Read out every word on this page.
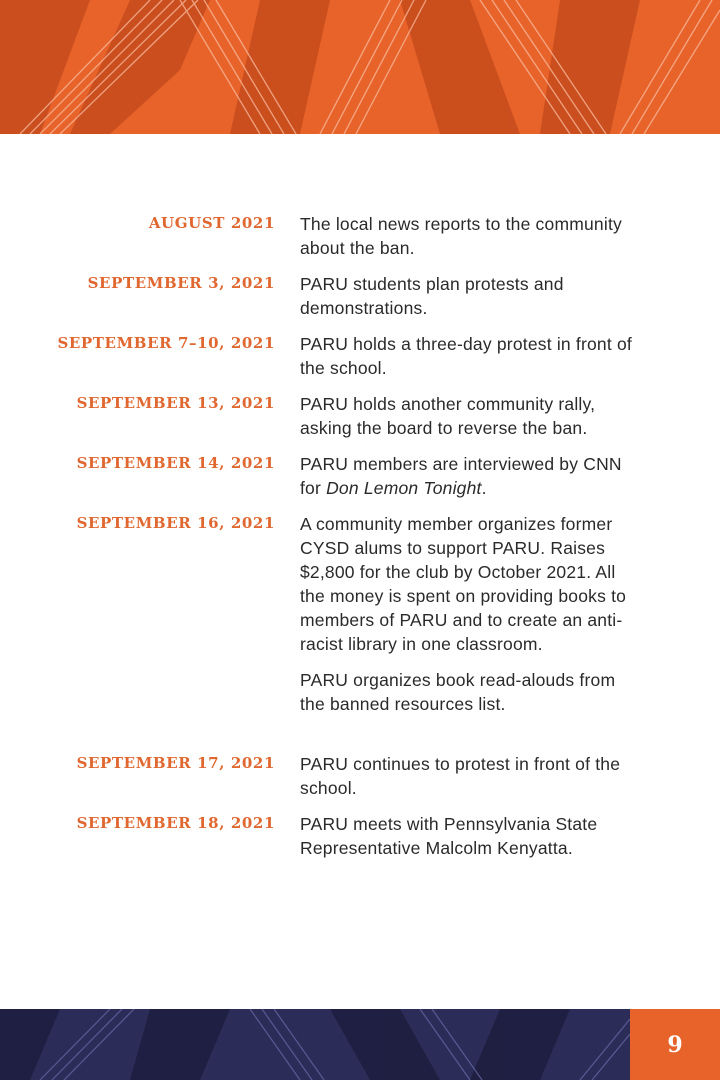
AUGUST 2021 The local news reports to the community about the ban.

SEPTEMBER 3, 2021 PARU students plan protests and demonstrations.

SEPTEMBER 7–10, 2021 PARU holds a three-day protest in front of the school.

SEPTEMBER 13, 2021 PARU holds another community rally, asking the board to reverse the ban.

SEPTEMBER 14, 2021 PARU members are interviewed by CNN for Don Lemon Tonight.

SEPTEMBER 16, 2021 A community member organizes former CYSD alums to support PARU. Raises $2,800 for the club by October 2021. All the money is spent on providing books to members of PARU and to create an anti-racist library in one classroom.

PARU organizes book read-alouds from the banned resources list.

SEPTEMBER 17, 2021 PARU continues to protest in front of the school.

SEPTEMBER 18, 2021 PARU meets with Pennsylvania State Representative Malcolm Kenyatta.

9
